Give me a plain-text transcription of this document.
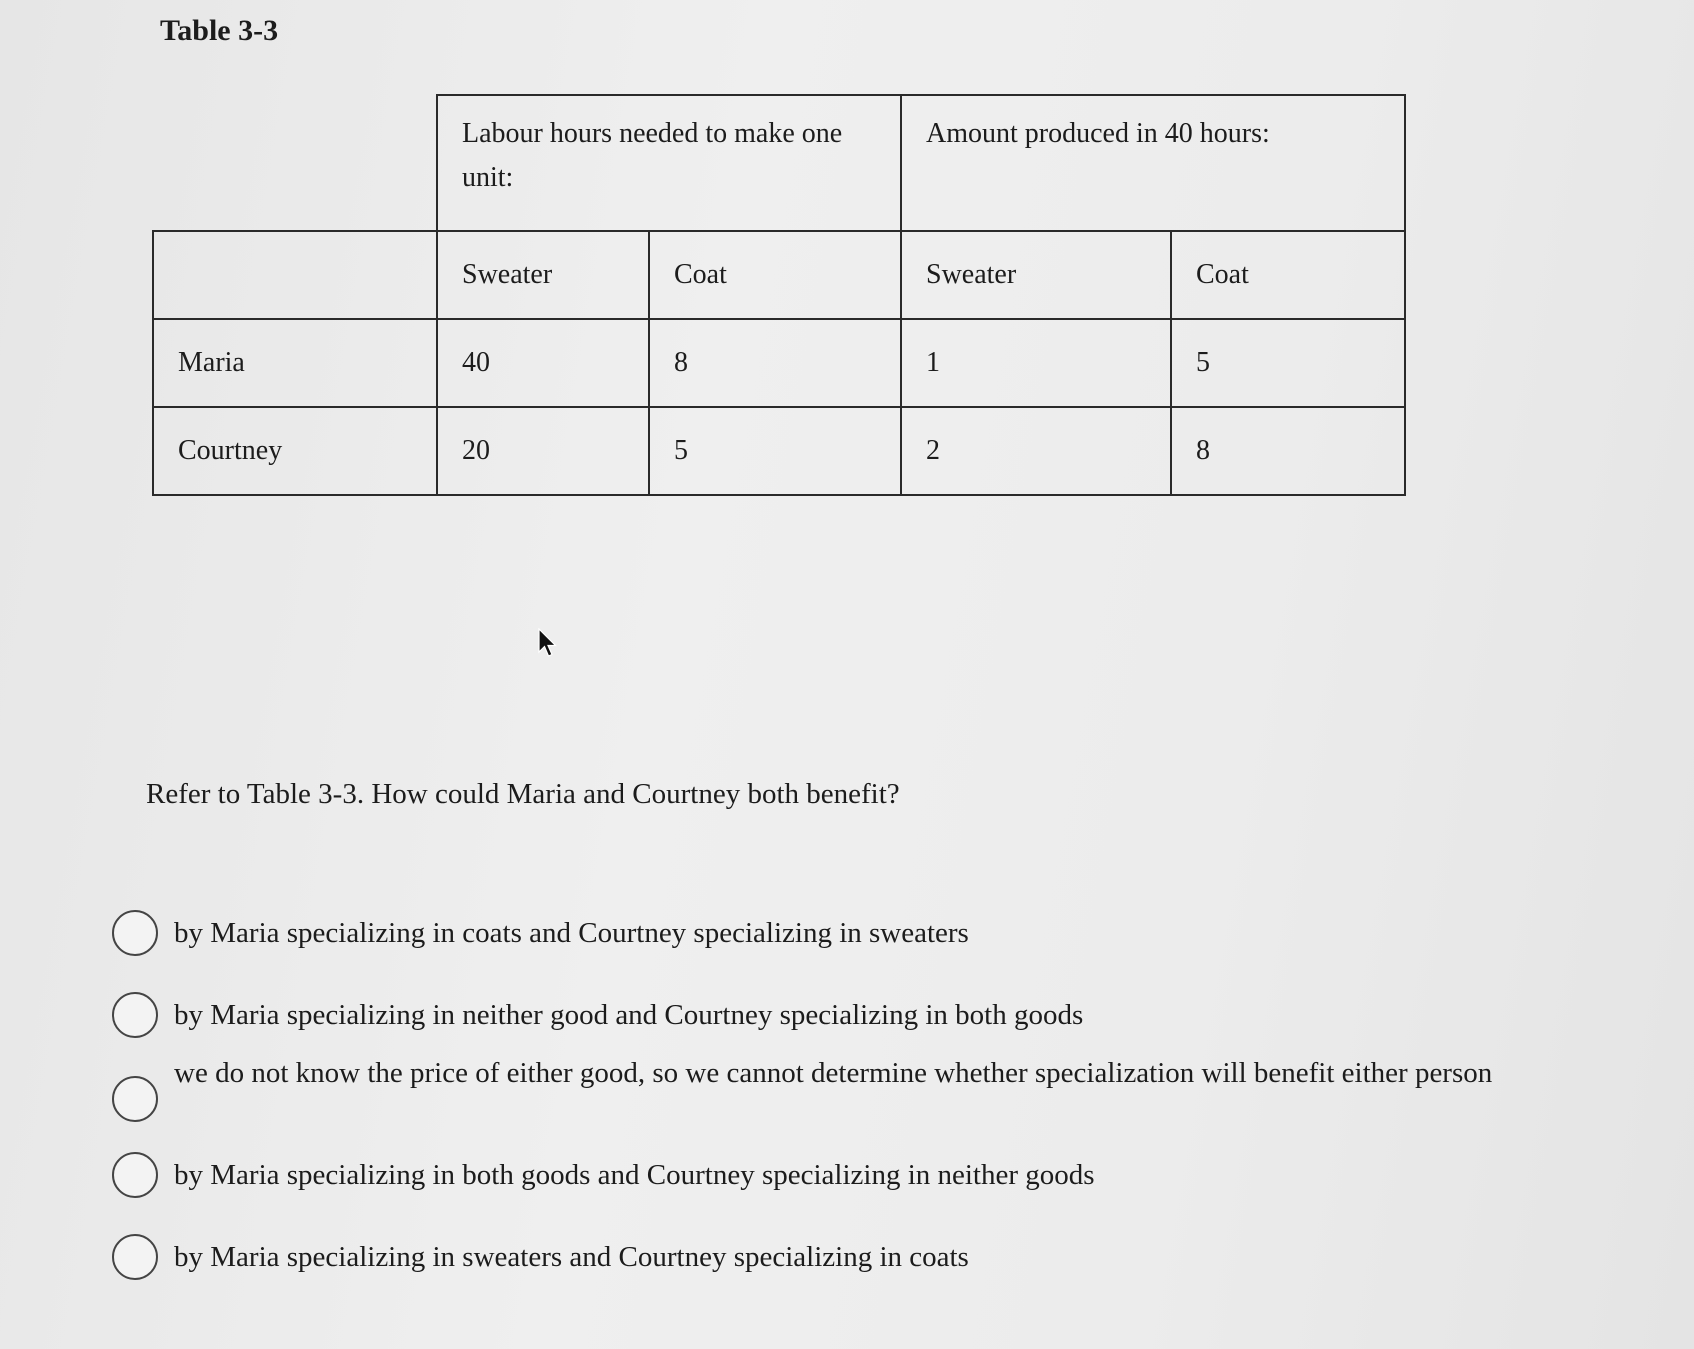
Table 3-3
	Labour hours needed to make one unit:		Amount produced in 40 hours:	
	Sweater	Coat	Sweater	Coat
Maria	40	8	1	5
Courtney	20	5	2	8
Refer to Table 3-3. How could Maria and Courtney both benefit?
by Maria specializing in coats and Courtney specializing in sweaters
by Maria specializing in neither good and Courtney specializing in both goods
we do not know the price of either good, so we cannot determine whether specialization will benefit either person
by Maria specializing in both goods and Courtney specializing in neither goods
by Maria specializing in sweaters and Courtney specializing in coats
